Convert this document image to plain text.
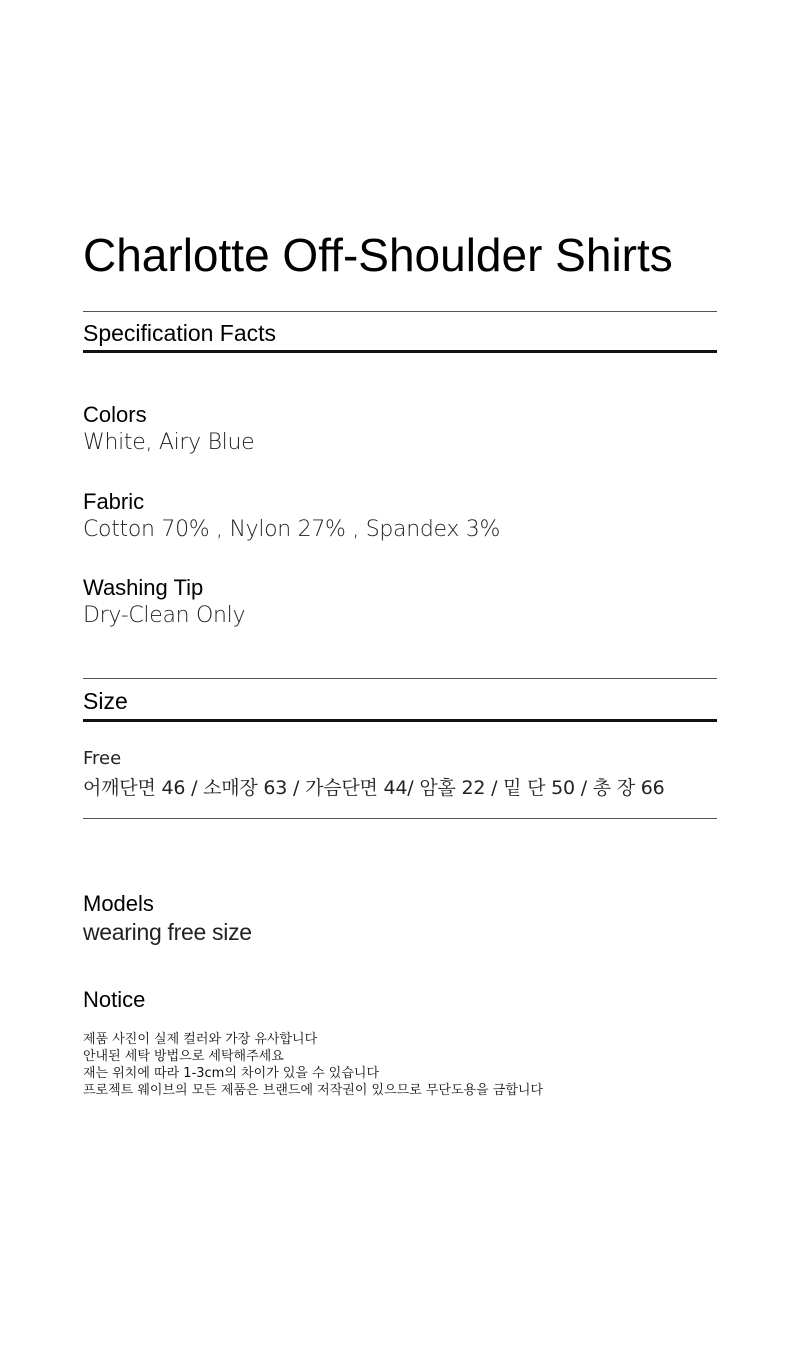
Charlotte Off-Shoulder Shirts
Specification Facts
Colors
White, Airy Blue
Fabric
Cotton 70% , Nylon 27% , Spandex 3%
Washing Tip
Dry-Clean Only
Size
Free
어깨단면 46 / 소매장 63 / 가슴단면 44/ 암홀 22 / 밑 단 50 / 총 장 66
Models
wearing free size
Notice
제품 사진이 실제 컬러와 가장 유사합니다
안내된 세탁 방법으로 세탁해주세요
재는 위치에 따라 1-3cm의 차이가 있을 수 있습니다
프로젝트 웨이브의 모든 제품은 브랜드에 저작권이 있으므로 무단도용을 금합니다
